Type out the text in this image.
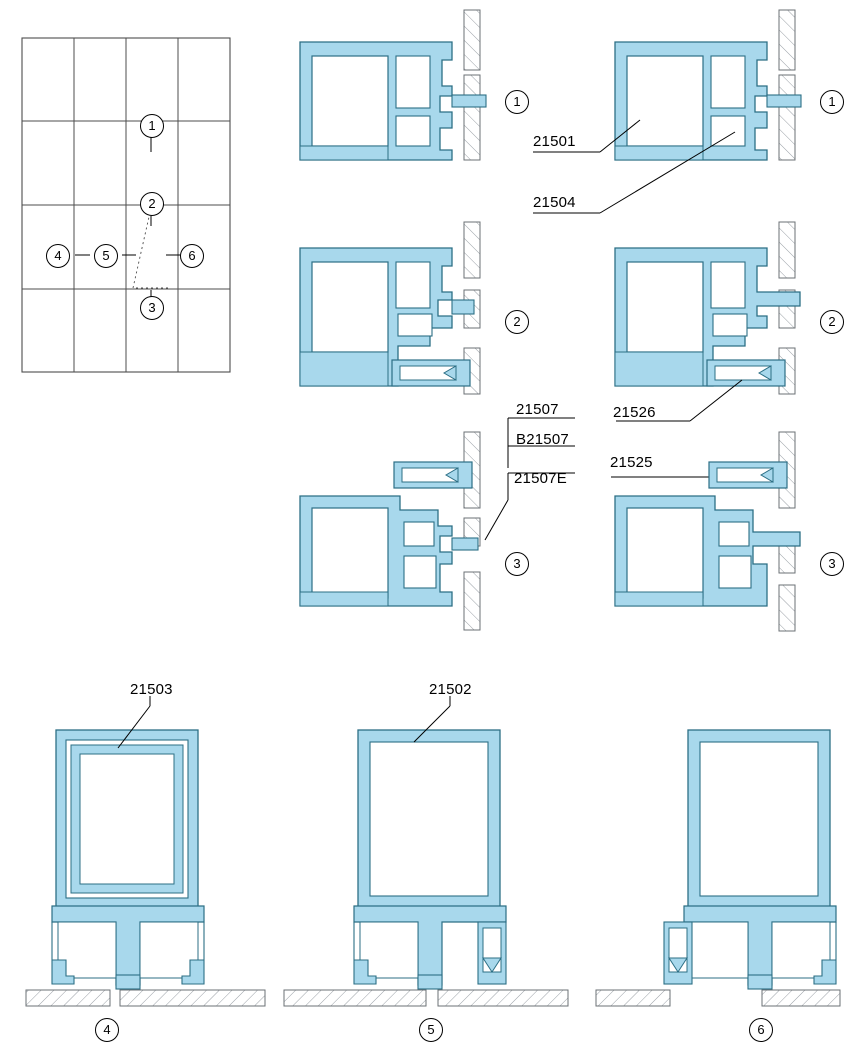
1
2
4	5	6
3
1	1
2	2
3	3
4	5	6
21501
21504
21507
B21507
21507E
21526
21525
21503	21502
